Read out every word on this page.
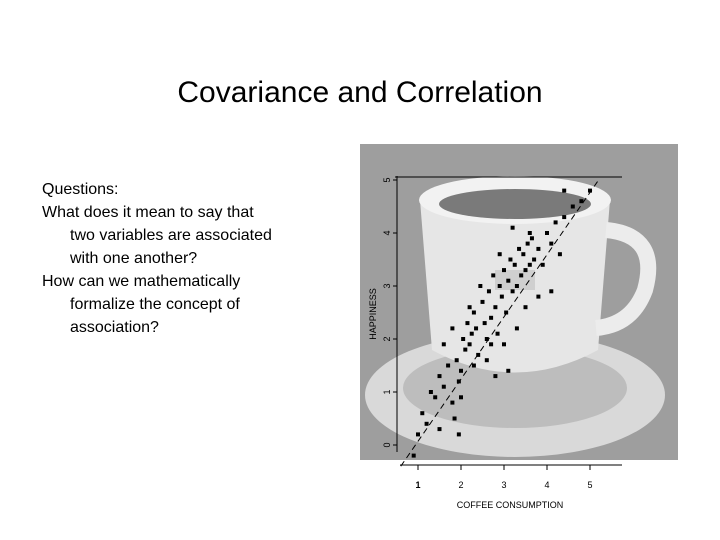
Covariance and Correlation
Questions:
What does it mean to say that
two variables are associated
with one another?
How can we mathematically
formalize the concept of
association?
1	2	3	4	5
0
1
2
3
4
5
COFFEE CONSUMPTION
HAPPINESS
